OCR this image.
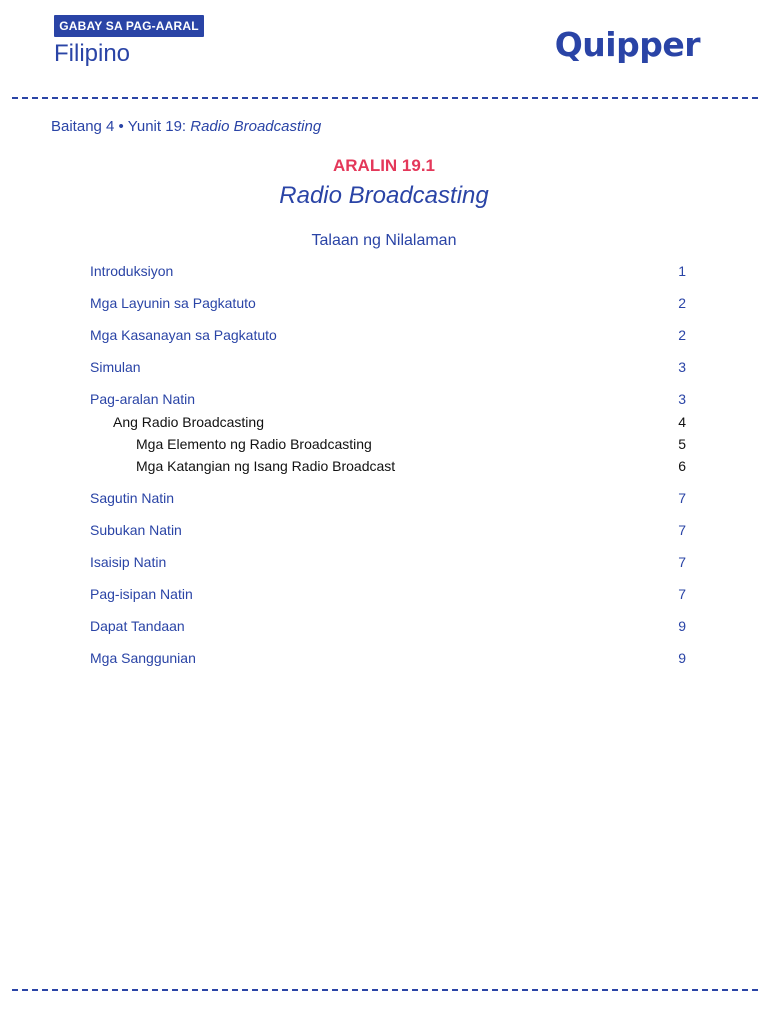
GABAY SA PAG-AARAL
Filipino	Quipper
Baitang 4 • Yunit 19: Radio Broadcasting
ARALIN 19.1
Radio Broadcasting
Talaan ng Nilalaman
Introduksiyon	1
Mga Layunin sa Pagkatuto	2
Mga Kasanayan sa Pagkatuto	2
Simulan	3
Pag-aralan Natin	3
Ang Radio Broadcasting	4
Mga Elemento ng Radio Broadcasting	5
Mga Katangian ng Isang Radio Broadcast	6
Sagutin Natin	7
Subukan Natin	7
Isaisip Natin	7
Pag-isipan Natin	7
Dapat Tandaan	9
Mga Sanggunian	9
